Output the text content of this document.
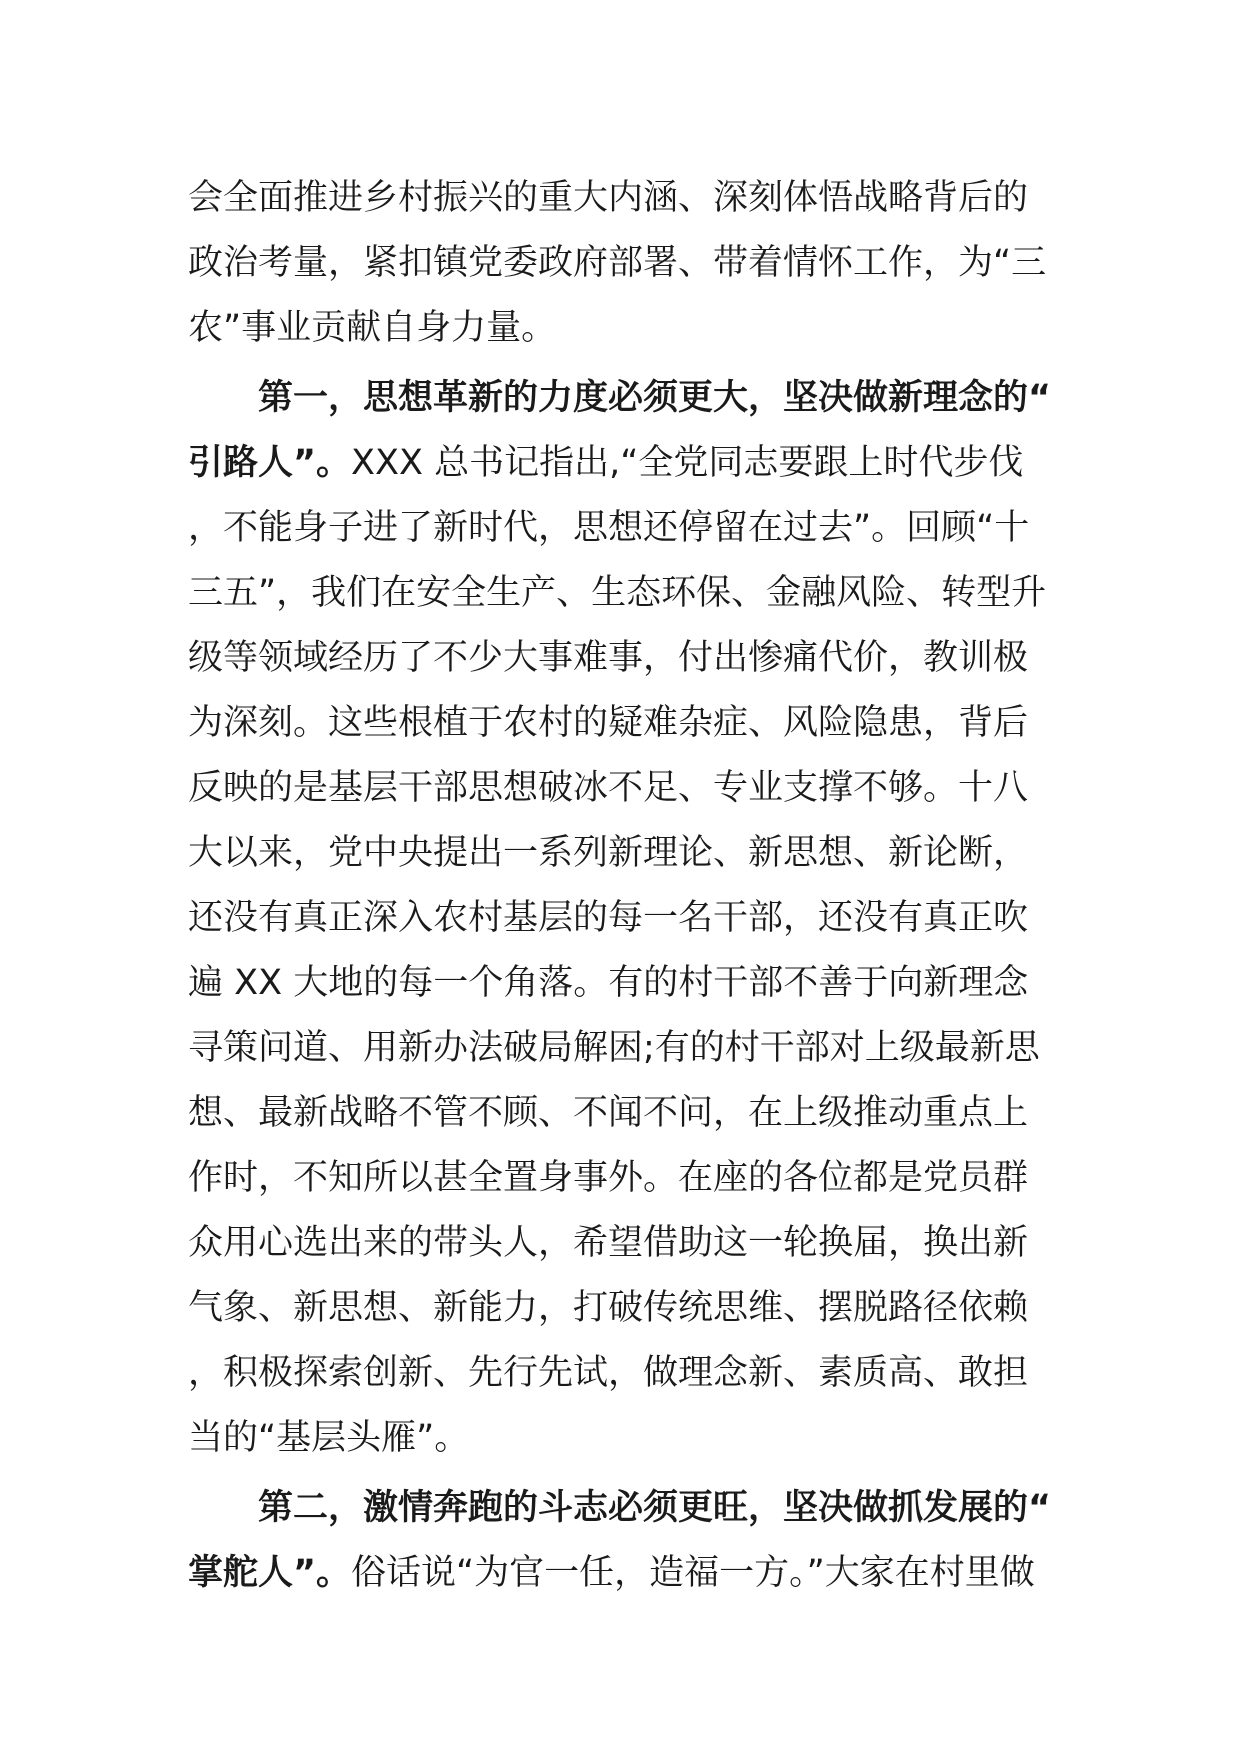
会全面推进乡村振兴的重大内涵、深刻体悟战略背后的政治考量，紧扣镇党委政府部署、带着情怀工作，为“三农”事业贡献自身力量。

第一，思想革新的力度必须更大，坚决做新理念的“引路人”。XXX 总书记指出,“全党同志要跟上时代步伐，不能身子进了新时代，思想还停留在过去”。回顾“十三五”，我们在安全生产、生态环保、金融风险、转型升级等领域经历了不少大事难事，付出惨痛代价，教训极为深刻。这些根植于农村的疑难杂症、风险隐患，背后反映的是基层干部思想破冰不足、专业支撑不够。十八大以来，党中央提出一系列新理论、新思想、新论断，还没有真正深入农村基层的每一名干部，还没有真正吹遍 XX 大地的每一个角落。有的村干部不善于向新理念寻策问道、用新办法破局解困;有的村干部对上级最新思想、最新战略不管不顾、不闻不问，在上级推动重点上作时，不知所以甚全置身事外。在座的各位都是党员群众用心选出来的带头人，希望借助这一轮换届，换出新气象、新思想、新能力，打破传统思维、摆脱路径依赖，积极探索创新、先行先试，做理念新、素质高、敢担当的“基层头雁”。

第二，激情奔跑的斗志必须更旺，坚决做抓发展的“掌舵人”。俗话说“为官一任，造福一方。”大家在村里做
